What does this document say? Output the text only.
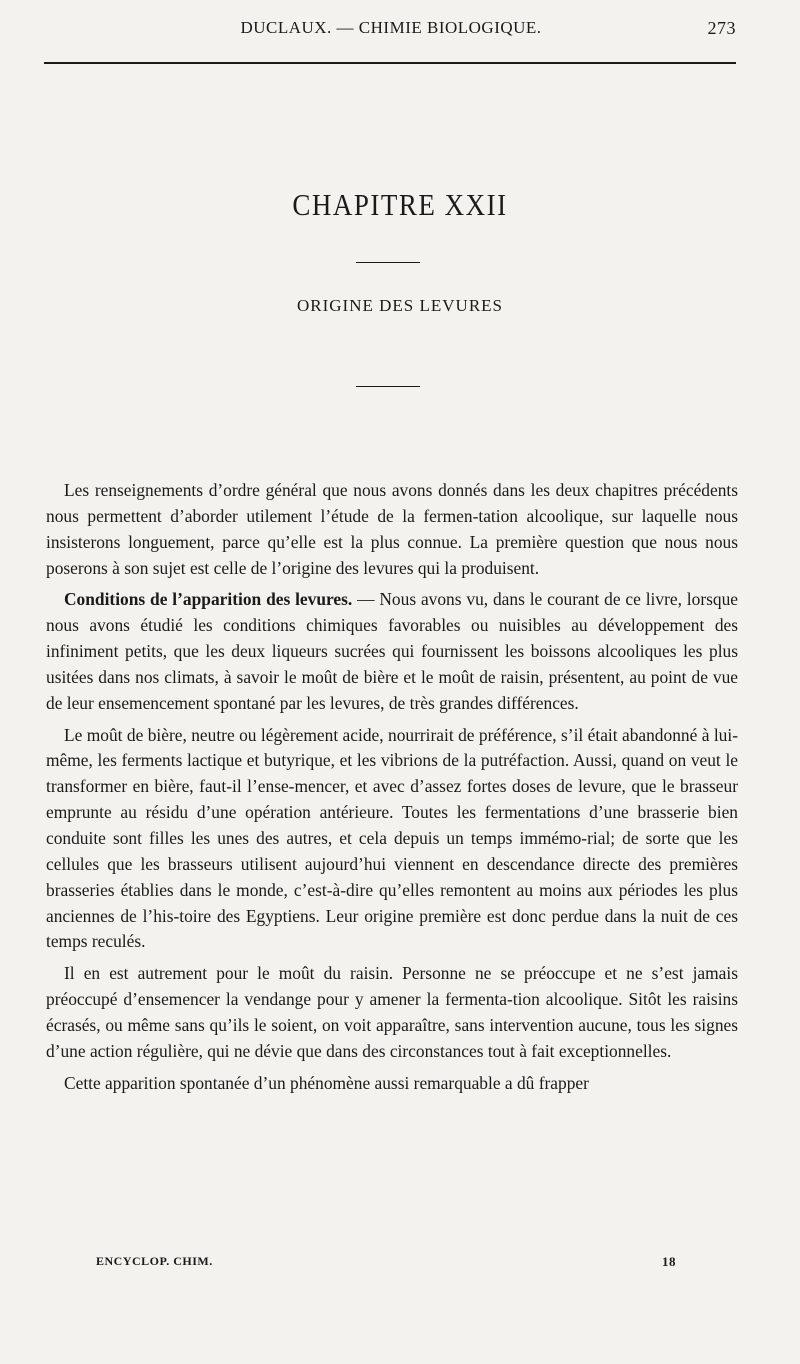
DUCLAUX. — CHIMIE BIOLOGIQUE.	273
CHAPITRE XXII
ORIGINE DES LEVURES

Les renseignements d’ordre général que nous avons donnés dans les deux chapitres précédents nous permettent d’aborder utilement l’étude de la fermen-tation alcoolique, sur laquelle nous insisterons longuement, parce qu’elle est la plus connue. La première question que nous nous poserons à son sujet est celle de l’origine des levures qui la produisent.

Conditions de l’apparition des levures. — Nous avons vu, dans le courant de ce livre, lorsque nous avons étudié les conditions chimiques favorables ou nuisibles au développement des infiniment petits, que les deux liqueurs sucrées qui fournissent les boissons alcooliques les plus usitées dans nos climats, à savoir le moût de bière et le moût de raisin, présentent, au point de vue de leur ensemencement spontané par les levures, de très grandes différences.

Le moût de bière, neutre ou légèrement acide, nourrirait de préférence, s’il était abandonné à lui-même, les ferments lactique et butyrique, et les vibrions de la putréfaction. Aussi, quand on veut le transformer en bière, faut-il l’ense-mencer, et avec d’assez fortes doses de levure, que le brasseur emprunte au résidu d’une opération antérieure. Toutes les fermentations d’une brasserie bien conduite sont filles les unes des autres, et cela depuis un temps immémo-rial; de sorte que les cellules que les brasseurs utilisent aujourd’hui viennent en descendance directe des premières brasseries établies dans le monde, c’est-à-dire qu’elles remontent au moins aux périodes les plus anciennes de l’his-toire des Egyptiens. Leur origine première est donc perdue dans la nuit de ces temps reculés.

Il en est autrement pour le moût du raisin. Personne ne se préoccupe et ne s’est jamais préoccupé d’ensemencer la vendange pour y amener la fermenta-tion alcoolique. Sitôt les raisins écrasés, ou même sans qu’ils le soient, on voit apparaître, sans intervention aucune, tous les signes d’une action régulière, qui ne dévie que dans des circonstances tout à fait exceptionnelles.

Cette apparition spontanée d’un phénomène aussi remarquable a dû frapper

ENCYCLOP. CHIM.	18
